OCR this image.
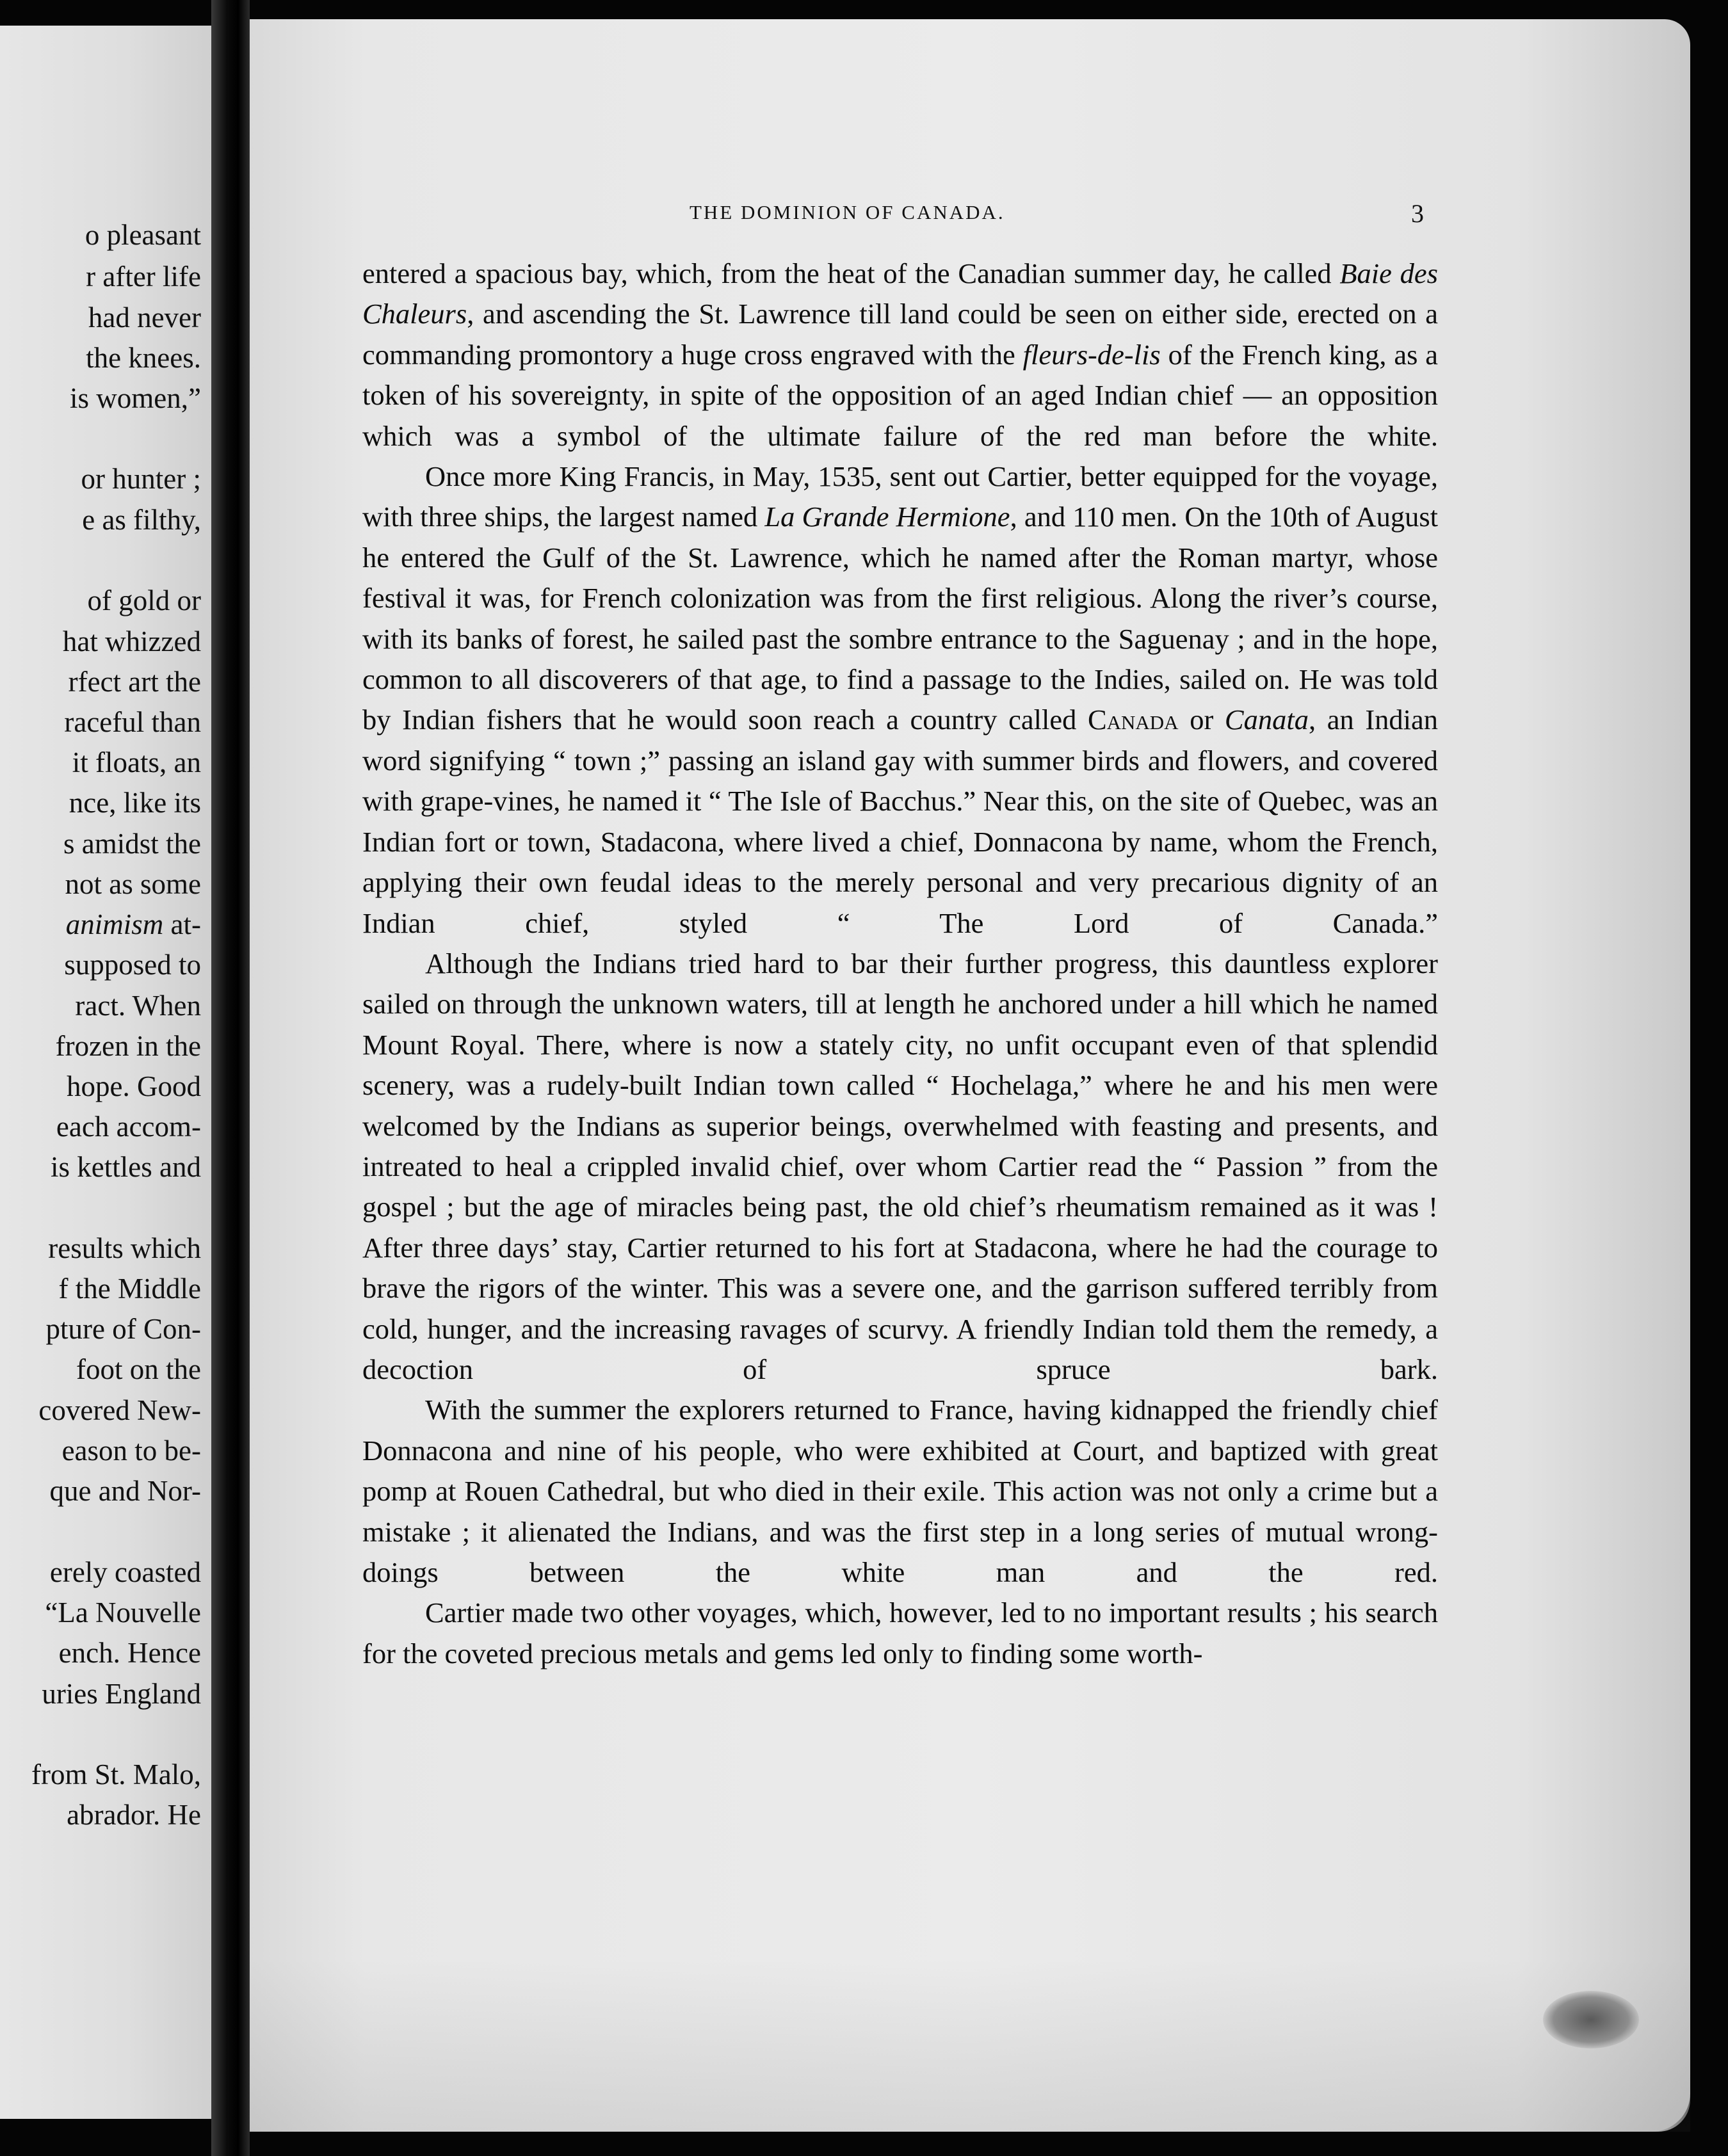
o pleasant

r after life

had never

the knees.

is women,”

or hunter ;

e as filthy,

of gold or

hat whizzed

rfect art the

raceful than

it floats, an

nce, like its

s amidst the

not as some

animism at-

supposed to

ract. When

frozen in the

hope. Good

each accom-

is kettles and

results which

f the Middle

pture of Con-

foot on the

covered New-

eason to be-

que and Nor-

erely coasted

“La Nouvelle

ench. Hence

uries England

from St. Malo,

abrador. He

THE DOMINION OF CANADA.	3

entered a spacious bay, which, from the heat of the Canadian summer day, he called Baie des Chaleurs, and ascending the St. Lawrence till land could be seen on either side, erected on a commanding promontory a huge cross engraved with the fleurs-de-lis of the French king, as a token of his sovereignty, in spite of the opposition of an aged Indian chief — an opposition which was a symbol of the ultimate failure of the red man before the white.

Once more King Francis, in May, 1535, sent out Cartier, better equipped for the voyage, with three ships, the largest named La Grande Hermione, and 110 men. On the 10th of August he entered the Gulf of the St. Lawrence, which he named after the Roman martyr, whose festival it was, for French colonization was from the first religious. Along the river’s course, with its banks of forest, he sailed past the sombre entrance to the Saguenay ; and in the hope, common to all discoverers of that age, to find a passage to the Indies, sailed on. He was told by Indian fishers that he would soon reach a country called Canada or Canata, an Indian word signifying “ town ;” passing an island gay with summer birds and flowers, and covered with grape-vines, he named it “ The Isle of Bacchus.” Near this, on the site of Quebec, was an Indian fort or town, Stadacona, where lived a chief, Donnacona by name, whom the French, applying their own feudal ideas to the merely personal and very precarious dignity of an Indian chief, styled “ The Lord of Canada.”

Although the Indians tried hard to bar their further progress, this dauntless explorer sailed on through the unknown waters, till at length he anchored under a hill which he named Mount Royal. There, where is now a stately city, no unfit occupant even of that splendid scenery, was a rudely-built Indian town called “ Hochelaga,” where he and his men were welcomed by the Indians as superior beings, overwhelmed with feasting and presents, and intreated to heal a crippled invalid chief, over whom Cartier read the “ Passion ” from the gospel ; but the age of miracles being past, the old chief’s rheumatism remained as it was ! After three days’ stay, Cartier returned to his fort at Stadacona, where he had the courage to brave the rigors of the winter. This was a severe one, and the garrison suffered terribly from cold, hunger, and the increasing ravages of scurvy. A friendly Indian told them the remedy, a decoction of spruce bark.

With the summer the explorers returned to France, having kidnapped the friendly chief Donnacona and nine of his people, who were exhibited at Court, and baptized with great pomp at Rouen Cathedral, but who died in their exile. This action was not only a crime but a mistake ; it alienated the Indians, and was the first step in a long series of mutual wrong-doings between the white man and the red.

Cartier made two other voyages, which, however, led to no important results ; his search for the coveted precious metals and gems led only to finding some worth-
